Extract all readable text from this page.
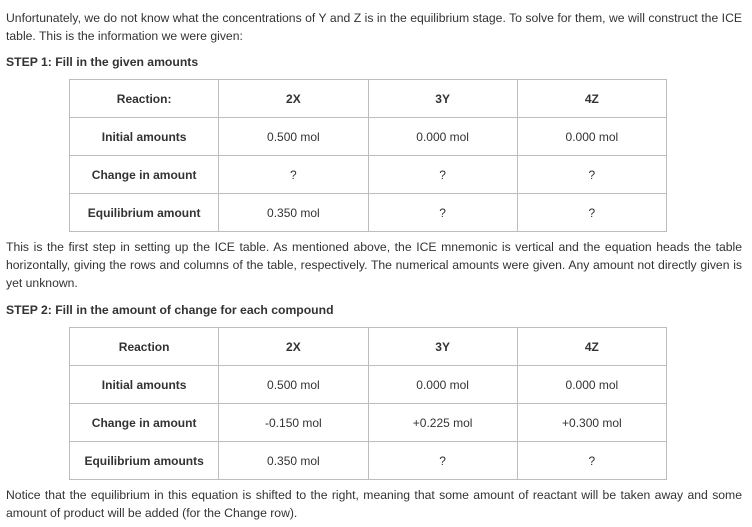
Unfortunately, we do not know what the concentrations of Y and Z is in the equilibrium stage. To solve for them, we will construct the ICE table. This is the information we were given:

STEP 1: Fill in the given amounts

Reaction:	2X	3Y	4Z
Initial amounts	0.500 mol	0.000 mol	0.000 mol
Change in amount	?	?	?
Equilibrium amount	0.350 mol	?	?

This is the first step in setting up the ICE table. As mentioned above, the ICE mnemonic is vertical and the equation heads the table horizontally, giving the rows and columns of the table, respectively. The numerical amounts were given. Any amount not directly given is yet unknown.

STEP 2: Fill in the amount of change for each compound

Reaction	2X	3Y	4Z
Initial amounts	0.500 mol	0.000 mol	0.000 mol
Change in amount	-0.150 mol	+0.225 mol	+0.300 mol
Equilibrium amounts	0.350 mol	?	?

Notice that the equilibrium in this equation is shifted to the right, meaning that some amount of reactant will be taken away and some amount of product will be added (for the Change row).
